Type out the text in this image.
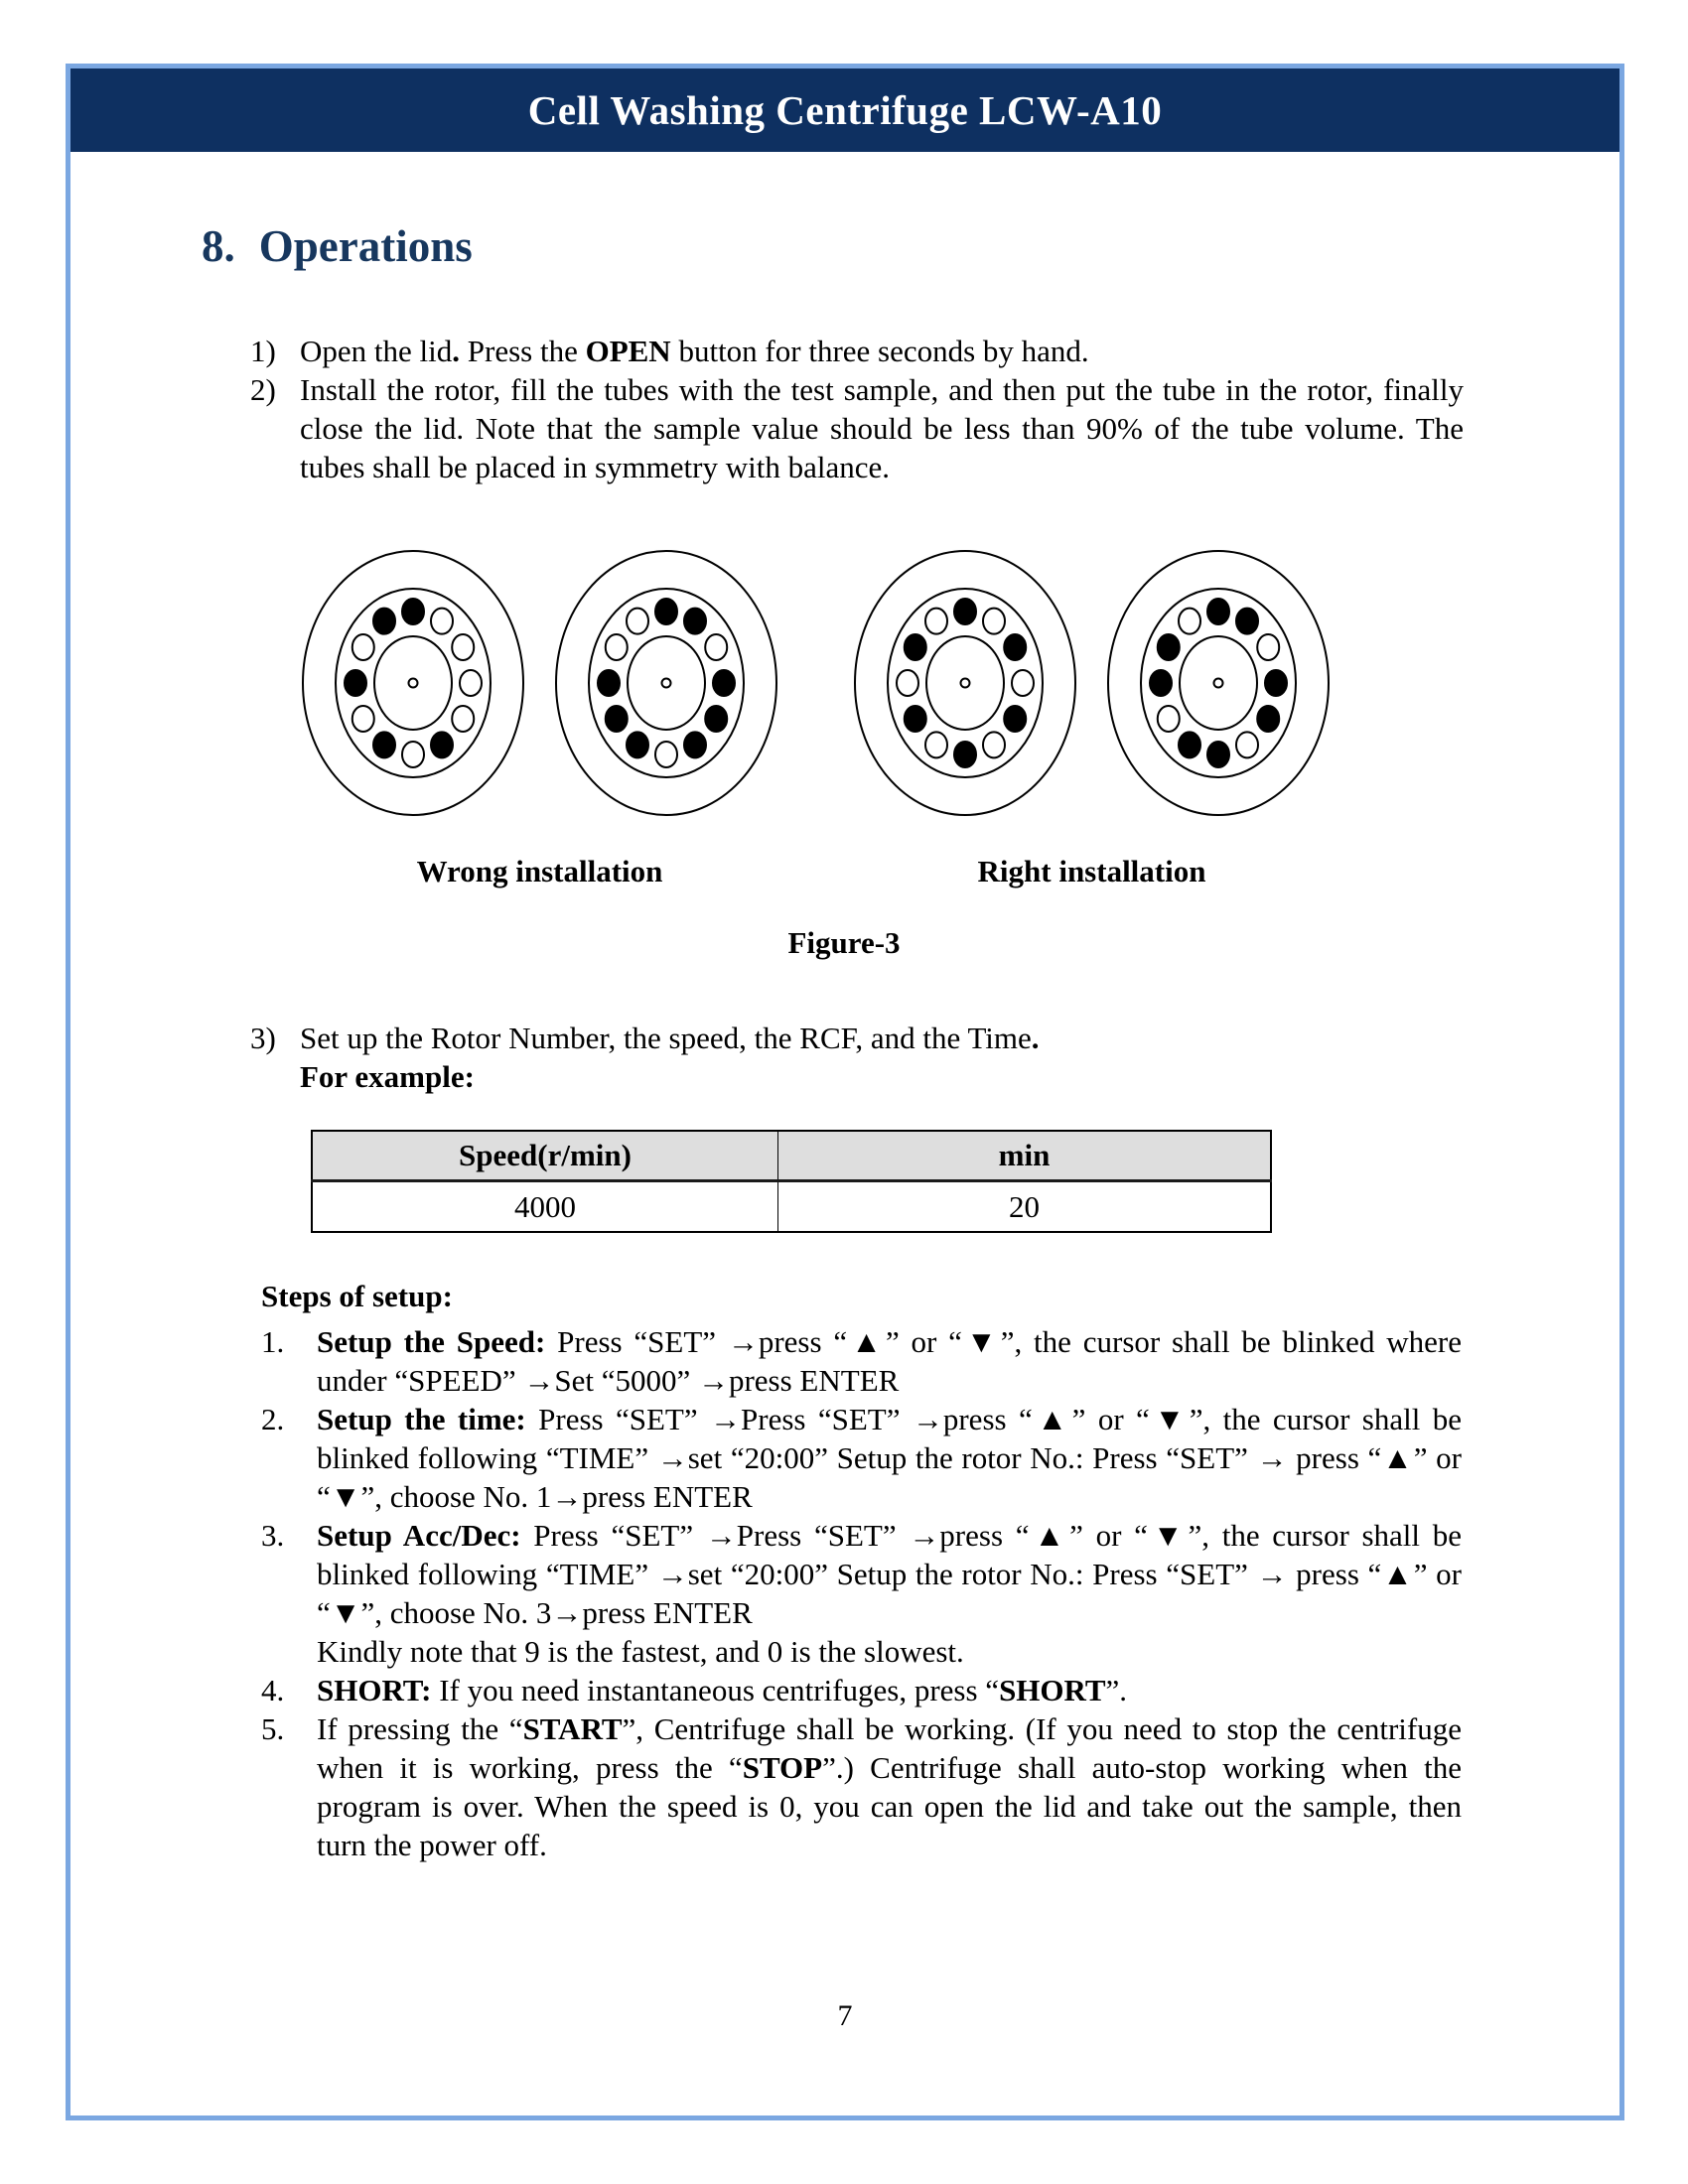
Cell Washing Centrifuge LCW-A10
8. Operations
1) Open the lid. Press the OPEN button for three seconds by hand.

2) Install the rotor, fill the tubes with the test sample, and then put the tube in the rotor, finally close the lid. Note that the sample value should be less than 90% of the tube volume. The tubes shall be placed in symmetry with balance.

Wrong installation	Right installation
Figure-3
3) Set up the Rotor Number, the speed, the RCF, and the Time.

For example:

Speed(r/min)	min
4000	20
Steps of setup:
1.	Setup the Speed: Press “SET” →press “▲” or “▼”, the cursor shall be blinked where under “SPEED” →Set “5000” →press ENTER

2.	Setup the time: Press “SET” →Press “SET” →press “▲” or “▼”, the cursor shall be blinked following “TIME” →set “20:00” Setup the rotor No.: Press “SET” → press “▲” or “▼”, choose No. 1→press ENTER

3.	Setup Acc/Dec: Press “SET” →Press “SET” →press “▲” or “▼”, the cursor shall be blinked following “TIME” →set “20:00” Setup the rotor No.: Press “SET” → press “▲” or “▼”, choose No. 3→press ENTER

Kindly note that 9 is the fastest, and 0 is the slowest.

4.	SHORT: If you need instantaneous centrifuges, press “SHORT”.

5.	If pressing the “START”, Centrifuge shall be working. (If you need to stop the centrifuge when it is working, press the “STOP”.) Centrifuge shall auto-stop working when the program is over. When the speed is 0, you can open the lid and take out the sample, then turn the power off.

7
